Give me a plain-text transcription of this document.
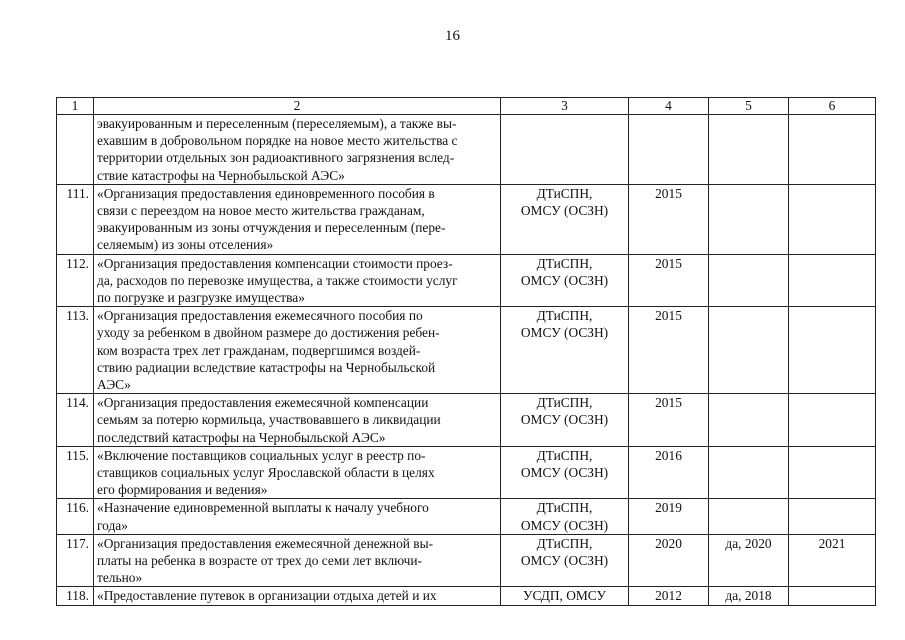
16
1	2	3	4	5	6

	эвакуированным и переселенным (переселяемым), а также вы-
ехавшим в добровольном порядке на новое место жительства с
территории отдельных зон радиоактивного загрязнения вслед-
ствие катастрофы на Чернобыльской АЭС»				

111.	«Организация предоставления единовременного пособия в
связи с переездом на новое место жительства гражданам,
эвакуированным из зоны отчуждения и переселенным (пере-
селяемым) из зоны отселения»	ДТиСПН,
ОМСУ (ОСЗН)	2015		
112.	«Организация предоставления компенсации стоимости проез-
да, расходов по перевозке имущества, а также стоимости услуг
по погрузке и разгрузке имущества»	ДТиСПН,
ОМСУ (ОСЗН)	2015		
113.	«Организация предоставления ежемесячного пособия по
уходу за ребенком в двойном размере до достижения ребен-
ком возраста трех лет гражданам, подвергшимся воздей-
ствию радиации вследствие катастрофы на Чернобыльской
АЭС»	ДТиСПН,
ОМСУ (ОСЗН)	2015		
114.	«Организация предоставления ежемесячной компенсации
семьям за потерю кормильца, участвовавшего в ликвидации
последствий катастрофы на Чернобыльской АЭС»	ДТиСПН,
ОМСУ (ОСЗН)	2015		
115.	«Включение поставщиков социальных услуг в реестр по-
ставщиков социальных услуг Ярославской области в целях
его формирования и ведения»	ДТиСПН,
ОМСУ (ОСЗН)	2016		
116.	«Назначение единовременной выплаты к началу учебного
года»	ДТиСПН,
ОМСУ (ОСЗН)	2019		
117.	«Организация предоставления ежемесячной денежной вы-
платы на ребенка в возрасте от трех до семи лет включи-
тельно»	ДТиСПН,
ОМСУ (ОСЗН)	2020	да, 2020	2021
118.	«Предоставление путевок в организации отдыха детей и их	УСДП, ОМСУ	2012	да, 2018	
